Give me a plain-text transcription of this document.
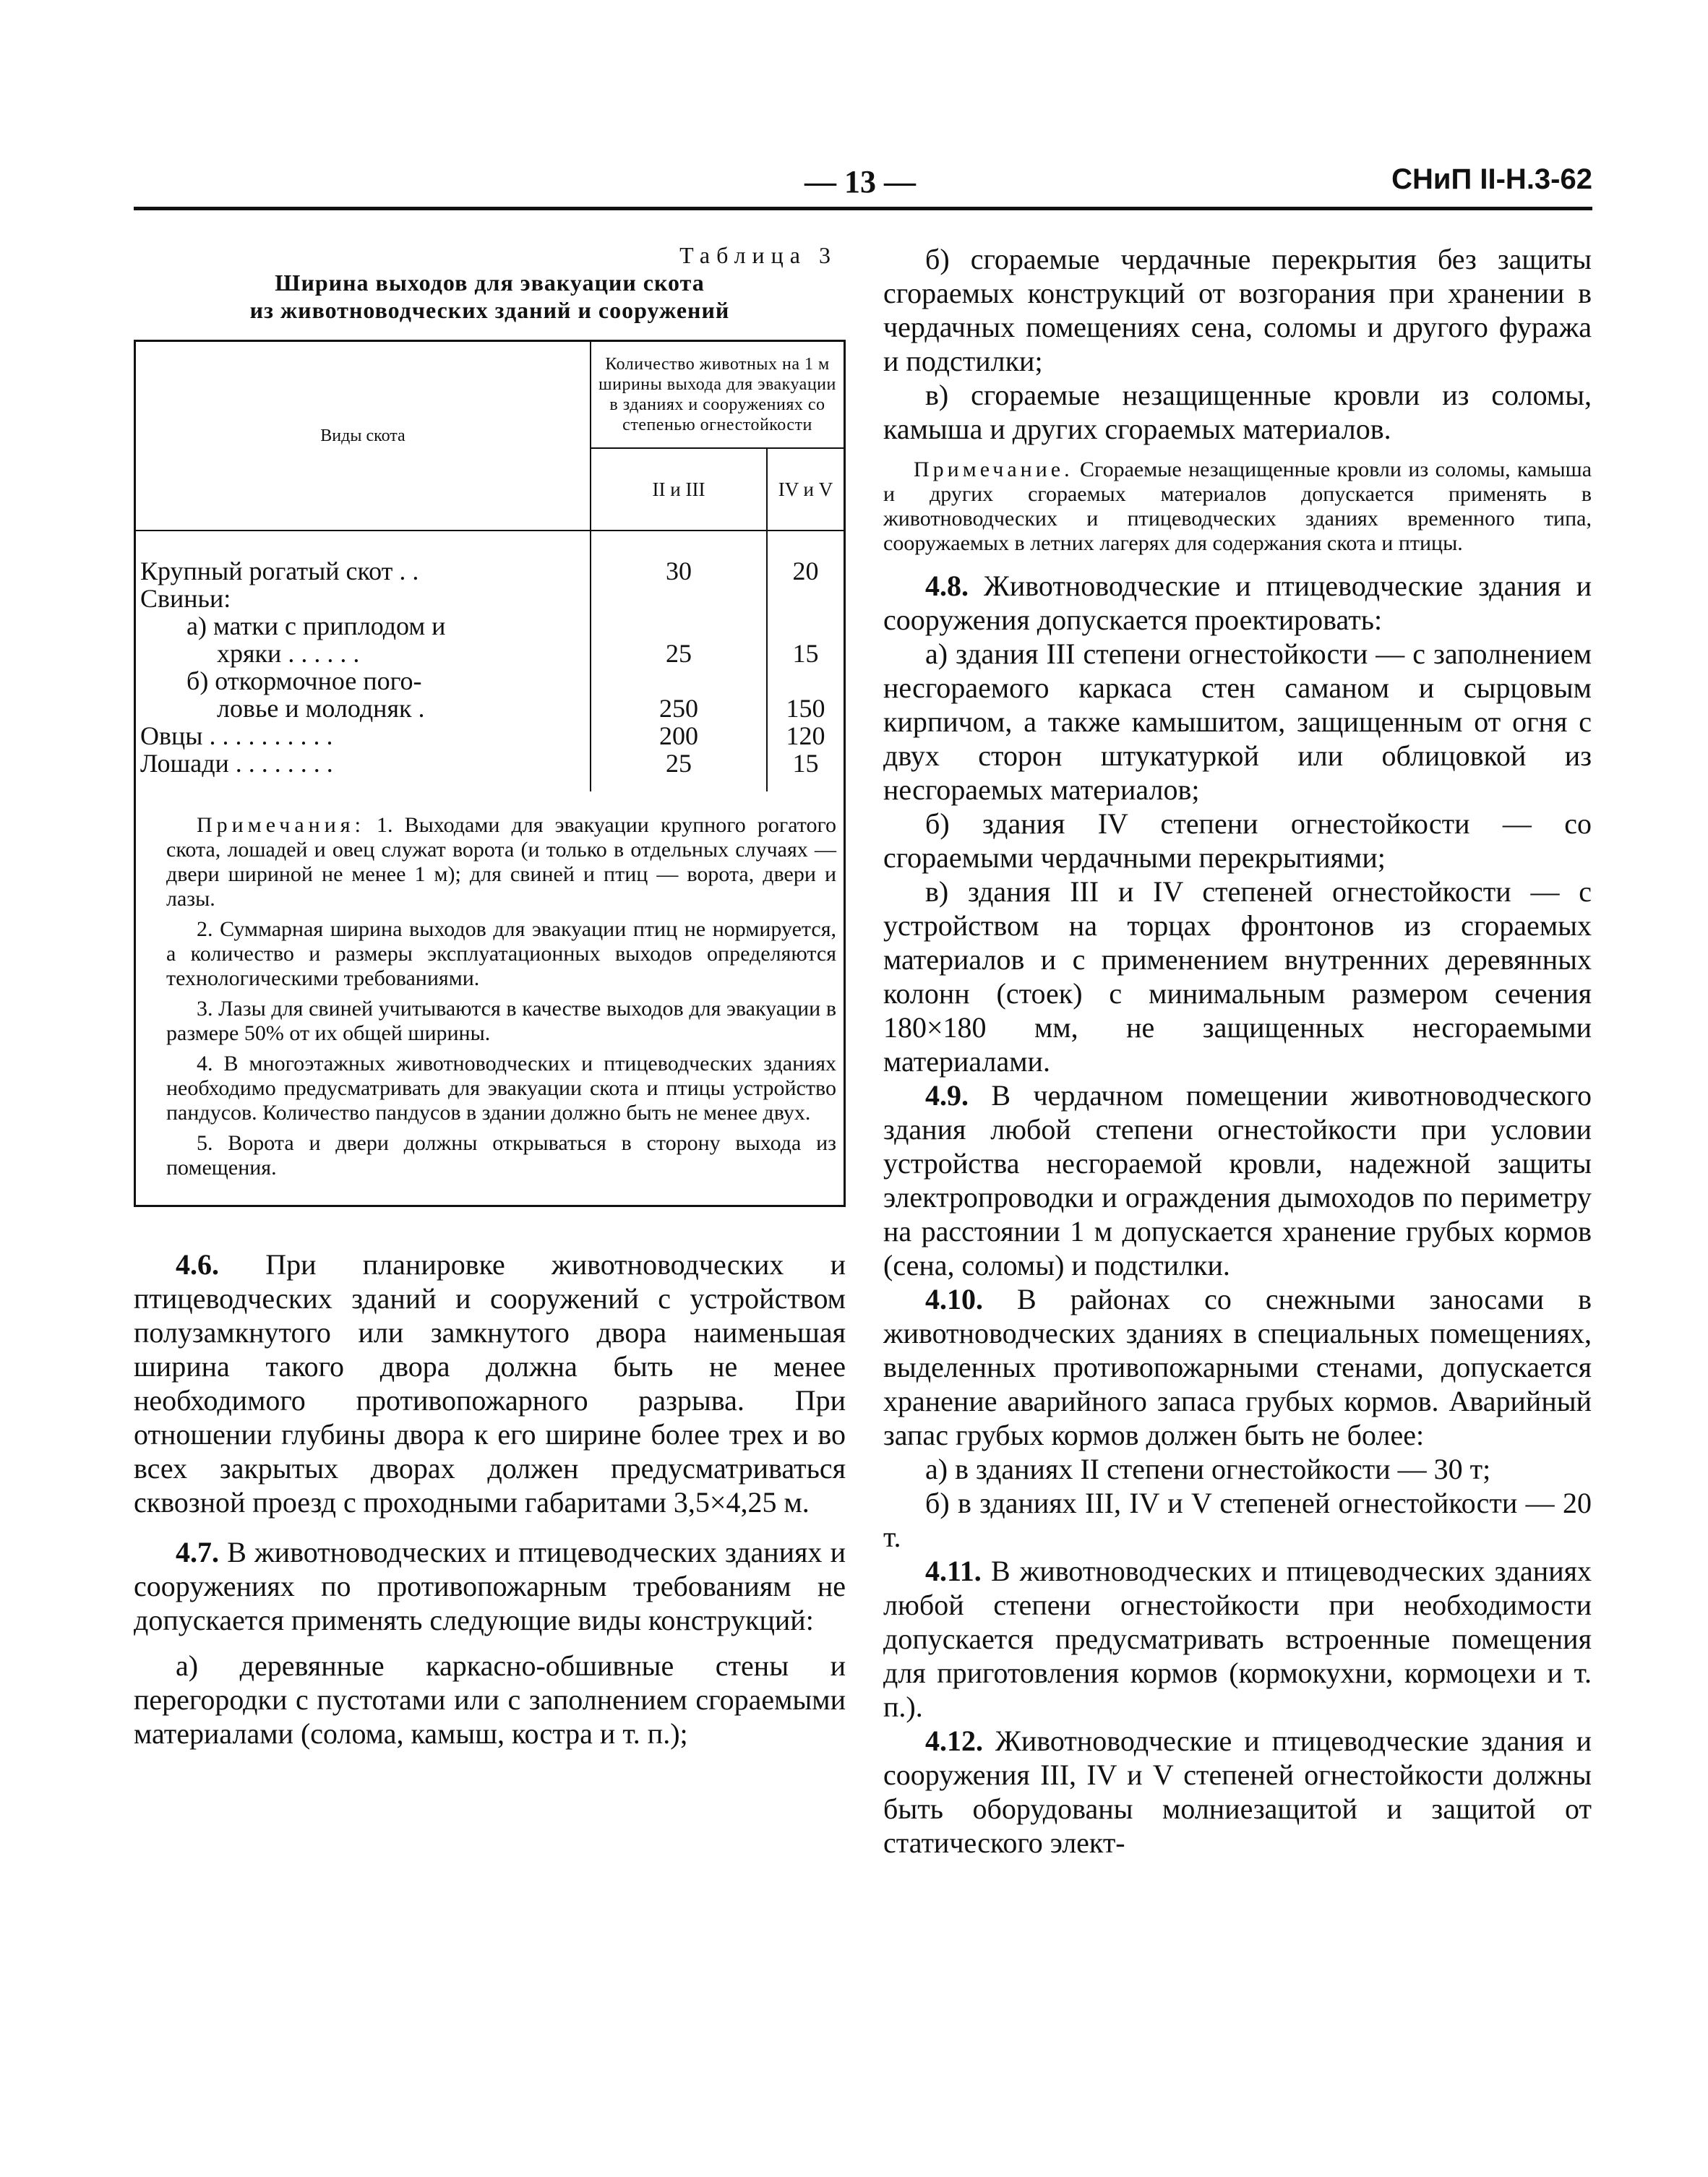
— 13 —	СНиП II-Н.3-62
Таблица 3
Ширина выходов для эвакуации скота
из животноводческих зданий и сооружений
Виды скота	Количество животных на 1 м ширины выхода для эвакуации в зданиях и сооружениях со степенью огнестойкости	
	II и III	IV и V

Крупный рогатый скот . .	30	20
Свиньи:		
а) матки с приплодом и		
хряки . . . . . .	25	15
б) откормочное пого-		
ловье и молодняк .	250	150
Овцы . . . . . . . . . .	200	120
Лошади . . . . . . . .	25	15

Примечания: 1. Выходами для эвакуации крупного рогатого скота, лошадей и овец служат ворота (и только в отдельных случаях — двери шириной не менее 1 м); для свиней и птиц — ворота, двери и лазы.

2. Суммарная ширина выходов для эвакуации птиц не нормируется, а количество и размеры эксплуатационных выходов определяются технологическими требованиями.

3. Лазы для свиней учитываются в качестве выходов для эвакуации в размере 50% от их общей ширины.

4. В многоэтажных животноводческих и птицеводческих зданиях необходимо предусматривать для эвакуации скота и птицы устройство пандусов. Количество пандусов в здании должно быть не менее двух.

5. Ворота и двери должны открываться в сторону выхода из помещения.

4.6. При планировке животноводческих и птицеводческих зданий и сооружений с устройством полузамкнутого или замкнутого двора наименьшая ширина такого двора должна быть не менее необходимого противопожарного разрыва. При отношении глубины двора к его ширине более трех и во всех закрытых дворах должен предусматриваться сквозной проезд с проходными габаритами 3,5×4,25 м.

4.7. В животноводческих и птицеводческих зданиях и сооружениях по противопожарным требованиям не допускается применять следующие виды конструкций:

а) деревянные каркасно-обшивные стены и перегородки с пустотами или с заполнением сгораемыми материалами (солома, камыш, костра и т. п.);

б) сгораемые чердачные перекрытия без защиты сгораемых конструкций от возгорания при хранении в чердачных помещениях сена, соломы и другого фуража и подстилки;

в) сгораемые незащищенные кровли из соломы, камыша и других сгораемых материалов.

Примечание. Сгораемые незащищенные кровли из соломы, камыша и других сгораемых материалов допускается применять в животноводческих и птицеводческих зданиях временного типа, сооружаемых в летних лагерях для содержания скота и птицы.

4.8. Животноводческие и птицеводческие здания и сооружения допускается проектировать:

а) здания III степени огнестойкости — с заполнением несгораемого каркаса стен саманом и сырцовым кирпичом, а также камышитом, защищенным от огня с двух сторон штукатуркой или облицовкой из несгораемых материалов;

б) здания IV степени огнестойкости — со сгораемыми чердачными перекрытиями;

в) здания III и IV степеней огнестойкости — с устройством на торцах фронтонов из сгораемых материалов и с применением внутренних деревянных колонн (стоек) с минимальным размером сечения 180×180 мм, не защищенных несгораемыми материалами.

4.9. В чердачном помещении животноводческого здания любой степени огнестойкости при условии устройства несгораемой кровли, надежной защиты электропроводки и ограждения дымоходов по периметру на расстоянии 1 м допускается хранение грубых кормов (сена, соломы) и подстилки.

4.10. В районах со снежными заносами в животноводческих зданиях в специальных помещениях, выделенных противопожарными стенами, допускается хранение аварийного запаса грубых кормов. Аварийный запас грубых кормов должен быть не более:

а) в зданиях II степени огнестойкости — 30 т;

б) в зданиях III, IV и V степеней огнестойкости — 20 т.

4.11. В животноводческих и птицеводческих зданиях любой степени огнестойкости при необходимости допускается предусматривать встроенные помещения для приготовления кормов (кормокухни, кормоцехи и т. п.).

4.12. Животноводческие и птицеводческие здания и сооружения III, IV и V степеней огнестойкости должны быть оборудованы молниезащитой и защитой от статического элект-
